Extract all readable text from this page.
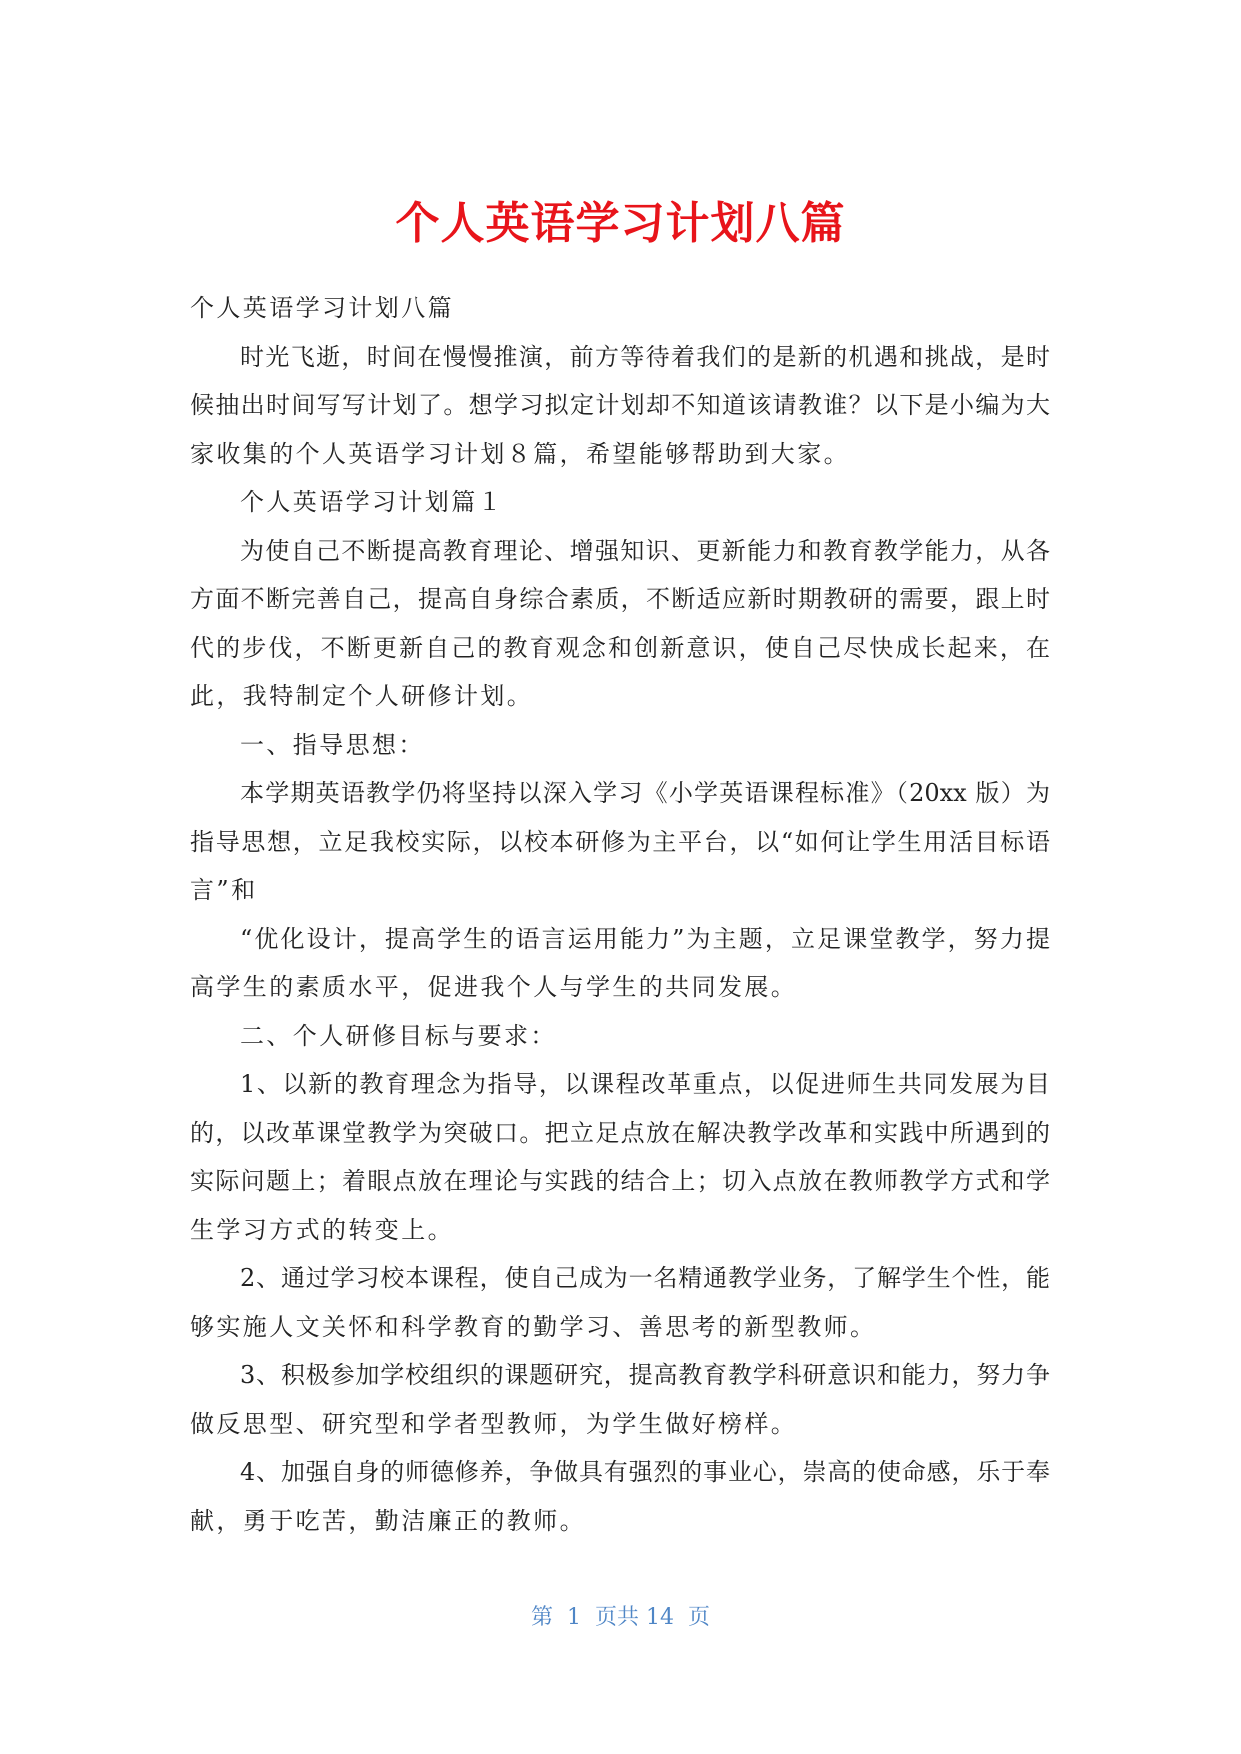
个人英语学习计划八篇
个人英语学习计划八篇
时光飞逝，时间在慢慢推演，前方等待着我们的是新的机遇和挑战，是时
候抽出时间写写计划了。想学习拟定计划却不知道该请教谁？以下是小编为大
家收集的个人英语学习计划８篇，希望能够帮助到大家。
个人英语学习计划篇１
为使自己不断提高教育理论、增强知识、更新能力和教育教学能力，从各
方面不断完善自己，提高自身综合素质，不断适应新时期教研的需要，跟上时
代的步伐，不断更新自己的教育观念和创新意识，使自己尽快成长起来，在
此，我特制定个人研修计划。
一、指导思想：
本学期英语教学仍将坚持以深入学习《小学英语课程标准》（20xx 版）为
指导思想，立足我校实际，以校本研修为主平台，以“如何让学生用活目标语
言”和
“优化设计，提高学生的语言运用能力”为主题，立足课堂教学，努力提
高学生的素质水平，促进我个人与学生的共同发展。
二、个人研修目标与要求：
1、以新的教育理念为指导，以课程改革重点，以促进师生共同发展为目
的，以改革课堂教学为突破口。把立足点放在解决教学改革和实践中所遇到的
实际问题上；着眼点放在理论与实践的结合上；切入点放在教师教学方式和学
生学习方式的转变上。
2、通过学习校本课程，使自己成为一名精通教学业务，了解学生个性，能
够实施人文关怀和科学教育的勤学习、善思考的新型教师。
3、积极参加学校组织的课题研究，提高教育教学科研意识和能力，努力争
做反思型、研究型和学者型教师，为学生做好榜样。
4、加强自身的师德修养，争做具有强烈的事业心，崇高的使命感，乐于奉
献，勇于吃苦，勤洁廉正的教师。
第  1  页共 14  页
